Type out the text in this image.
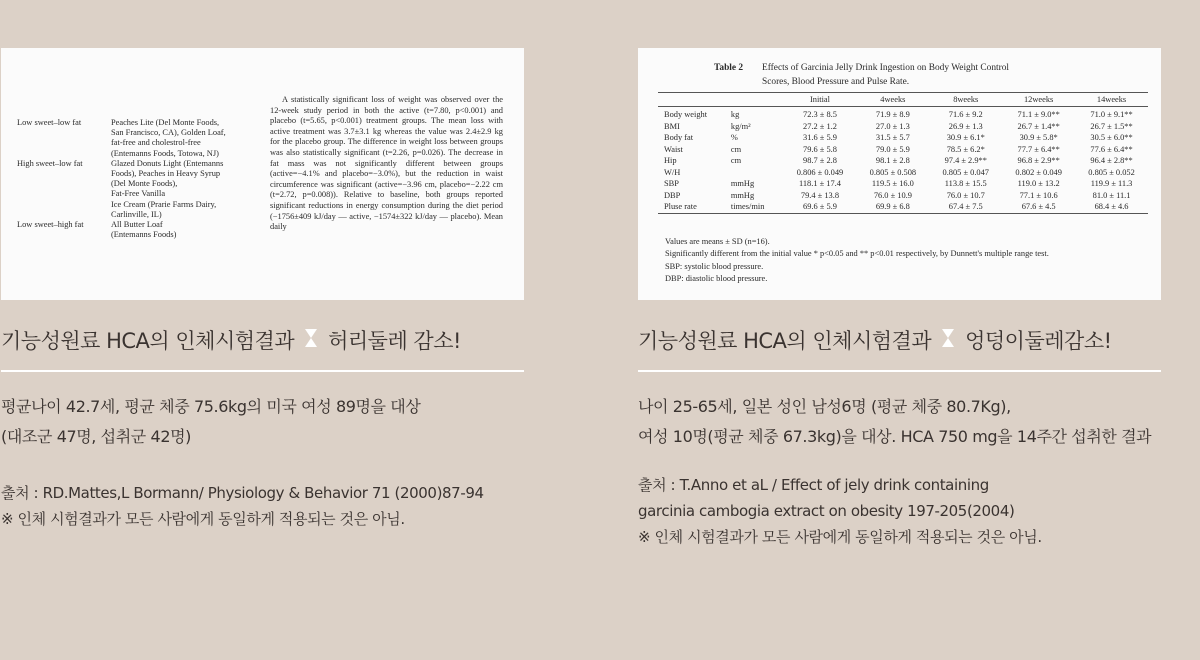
Low sweet–low fat	Peaches Lite (Del Monte Foods,
San Francisco, CA), Golden Loaf,
fat-free and cholestrol-free
(Entemanns Foods, Totowa, NJ)
High sweet–low fat	Glazed Donuts Light (Entemanns
Foods), Peaches in Heavy Syrup
(Del Monte Foods),
Fat-Free Vanilla
Ice Cream (Prarie Farms Dairy,
Carlinville, IL)
Low sweet–high fat	All Butter Loaf
(Entemanns Foods)

A statistically significant loss of weight was observed over the 12-week study period in both the active (t=7.80, p<0.001) and placebo (t=5.65, p<0.001) treatment groups. The mean loss with active treatment was 3.7±3.1 kg whereas the value was 2.4±2.9 kg for the placebo group. The difference in weight loss between groups was also statistically significant (t=2.26, p=0.026). The decrease in fat mass was not significantly different between groups (active=−4.1% and placebo=−3.0%), but the reduction in waist circumference was significant (active=−3.96 cm, placebo=−2.22 cm (t=2.72, p=0.008)). Relative to baseline, both groups reported significant reductions in energy consumption during the diet period (−1756±409 kJ/day — active, −1574±322 kJ/day — placebo). Mean daily

기능성원료 HCA의 인체시험결과 허리둘레 감소!
평균나이 42.7세, 평균 체중 75.6kg의 미국 여성 89명을 대상
(대조군 47명, 섭취군 42명)
출처 : RD.Mattes,L Bormann/ Physiology & Behavior 71 (2000)87-94
※ 인체 시험결과가 모든 사람에게 동일하게 적용되는 것은 아님.
Table 2 Effects of Garcinia Jelly Drink Ingestion on Body Weight Control
Scores, Blood Pressure and Pulse Rate.
		Initial	4weeks	8weeks	12weeks	14weeks
Body weight	kg	72.3 ± 8.5	71.9 ± 8.9	71.6 ± 9.2	71.1 ± 9.0**	71.0 ± 9.1**
BMI	kg/m²	27.2 ± 1.2	27.0 ± 1.3	26.9 ± 1.3	26.7 ± 1.4**	26.7 ± 1.5**
Body fat	%	31.6 ± 5.9	31.5 ± 5.7	30.9 ± 6.1*	30.9 ± 5.8*	30.5 ± 6.0**
Waist	cm	79.6 ± 5.8	79.0 ± 5.9	78.5 ± 6.2*	77.7 ± 6.4**	77.6 ± 6.4**
Hip	cm	98.7 ± 2.8	98.1 ± 2.8	97.4 ± 2.9**	96.8 ± 2.9**	96.4 ± 2.8**
W/H		0.806 ± 0.049	0.805 ± 0.508	0.805 ± 0.047	0.802 ± 0.049	0.805 ± 0.052
SBP	mmHg	118.1 ± 17.4	119.5 ± 16.0	113.8 ± 15.5	119.0 ± 13.2	119.9 ± 11.3
DBP	mmHg	79.4 ± 13.8	76.0 ± 10.9	76.0 ± 10.7	77.1 ± 10.6	81.0 ± 11.1
Pluse rate	times/min	69.6 ± 5.9	69.9 ± 6.8	67.4 ± 7.5	67.6 ± 4.5	68.4 ± 4.6
Values are means ± SD (n=16).
Significantly different from the initial value * p<0.05 and ** p<0.01 respectively, by Dunnett's multiple range test.
SBP: systolic blood pressure.
DBP: diastolic blood pressure.
기능성원료 HCA의 인체시험결과 엉덩이둘레감소!
나이 25-65세, 일본 성인 남성6명 (평균 체중 80.7Kg),
여성 10명(평균 체중 67.3kg)을 대상. HCA 750 mg을 14주간 섭취한 결과
출처 : T.Anno et aL / Effect of jely drink containing
garcinia cambogia extract on obesity 197-205(2004)
※ 인체 시험결과가 모든 사람에게 동일하게 적용되는 것은 아님.
